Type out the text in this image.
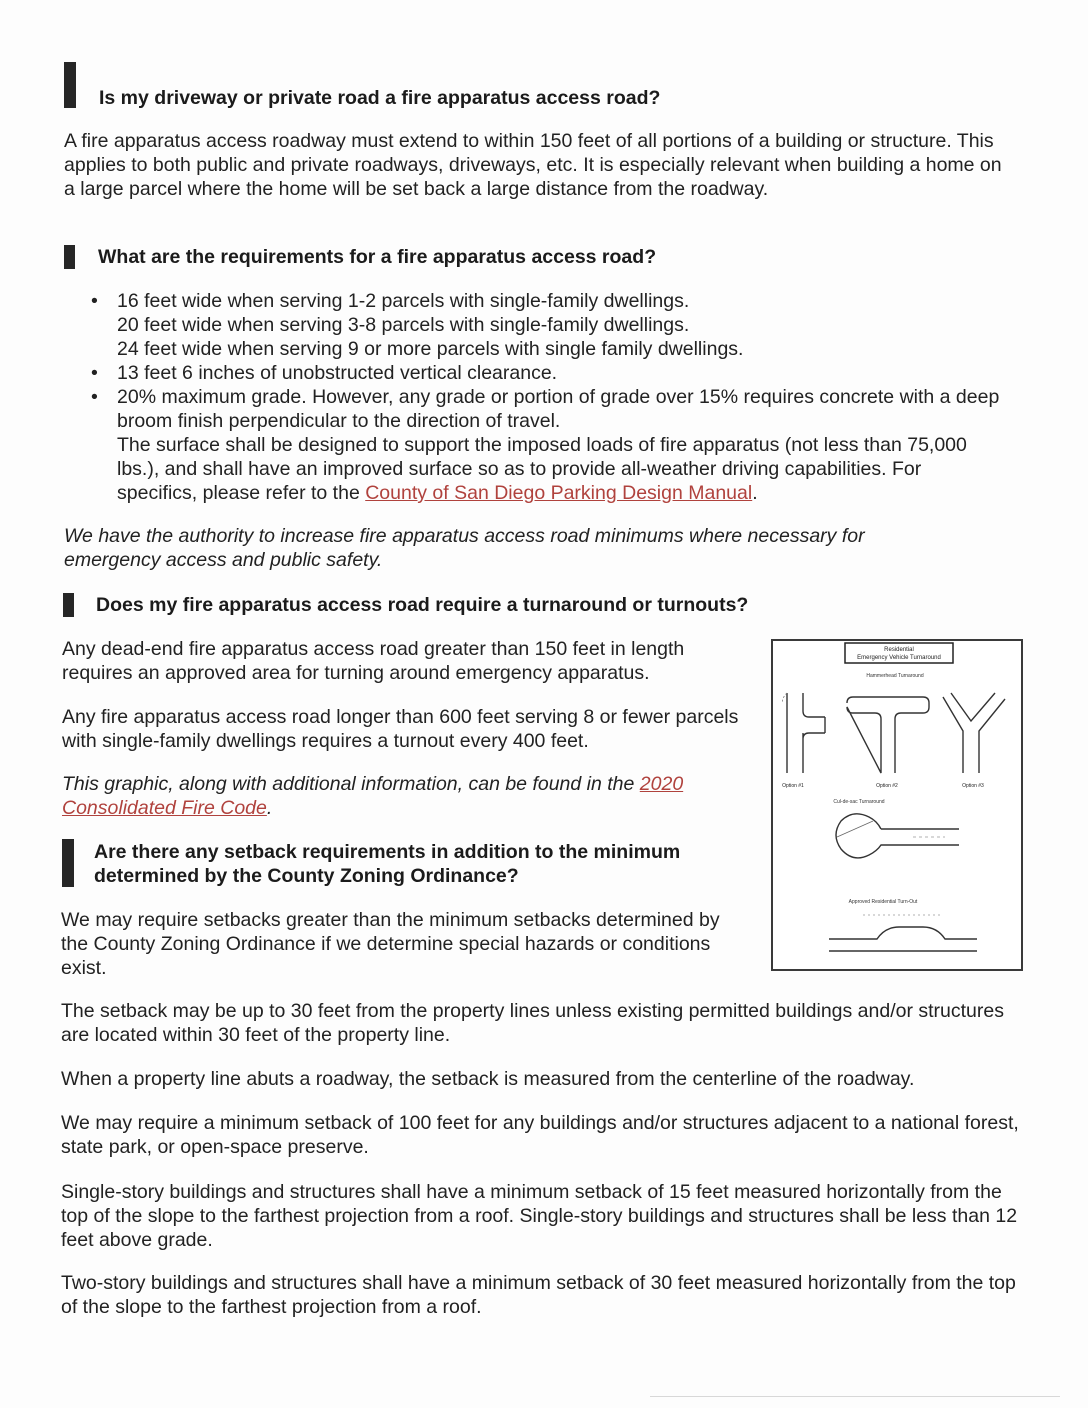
Is my driveway or private road a fire apparatus access road?
A fire apparatus access roadway must extend to within 150 feet of all portions of a building or structure. This applies to both public and private roadways, driveways, etc. It is especially relevant when building a home on a large parcel where the home will be set back a large distance from the roadway.
What are the requirements for a fire apparatus access road?
• 16 feet wide when serving 1-2 parcels with single-family dwellings.
20 feet wide when serving 3-8 parcels with single-family dwellings.
24 feet wide when serving 9 or more parcels with single family dwellings.
• 13 feet 6 inches of unobstructed vertical clearance.
• 20% maximum grade. However, any grade or portion of grade over 15% requires concrete with a deep broom finish perpendicular to the direction of travel.
The surface shall be designed to support the imposed loads of fire apparatus (not less than 75,000 lbs.), and shall have an improved surface so as to provide all-weather driving capabilities. For specifics, please refer to the County of San Diego Parking Design Manual.
We have the authority to increase fire apparatus access road minimums where necessary for emergency access and public safety.
Does my fire apparatus access road require a turnaround or turnouts?
Any dead-end fire apparatus access road greater than 150 feet in length requires an approved area for turning around emergency apparatus.
Any fire apparatus access road longer than 600 feet serving 8 or fewer parcels with single-family dwellings requires a turnout every 400 feet.
This graphic, along with additional information, can be found in the 2020 Consolidated Fire Code.
Residential
Emergency Vehicle Turnaround
Hammerhead Turnaround
Option #1	Option #2	Option #3
Cul-de-sac Turnaround
Approved Residential Turn-Out
Are there any setback requirements in addition to the minimum determined by the County Zoning Ordinance?
We may require setbacks greater than the minimum setbacks determined by the County Zoning Ordinance if we determine special hazards or conditions exist.
The setback may be up to 30 feet from the property lines unless existing permitted buildings and/or structures are located within 30 feet of the property line.
When a property line abuts a roadway, the setback is measured from the centerline of the roadway.
We may require a minimum setback of 100 feet for any buildings and/or structures adjacent to a national forest, state park, or open-space preserve.
Single-story buildings and structures shall have a minimum setback of 15 feet measured horizontally from the top of the slope to the farthest projection from a roof. Single-story buildings and structures shall be less than 12 feet above grade.
Two-story buildings and structures shall have a minimum setback of 30 feet measured horizontally from the top of the slope to the farthest projection from a roof.
